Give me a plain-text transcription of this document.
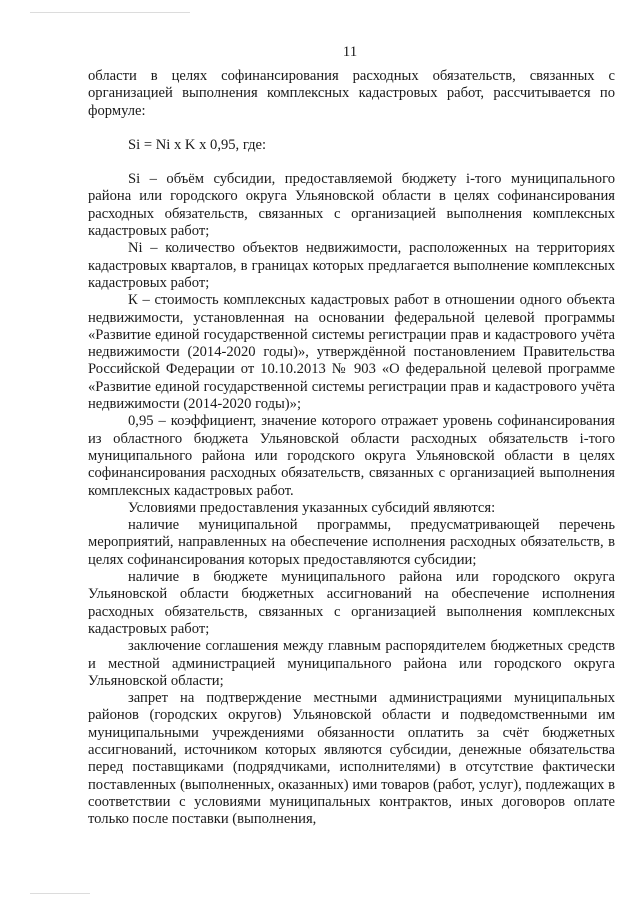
11

области в целях софинансирования расходных обязательств, связанных с организацией выполнения комплексных кадастровых работ, рассчитывается по формуле:

Si = Ni x K x 0,95, где:

Si – объём субсидии, предоставляемой бюджету i-того муниципального района или городского округа Ульяновской области в целях софинансирования расходных обязательств, связанных с организацией выполнения комплексных кадастровых работ;

Ni – количество объектов недвижимости, расположенных на территориях кадастровых кварталов, в границах которых предлагается выполнение комплексных кадастровых работ;

К – стоимость комплексных кадастровых работ в отношении одного объекта недвижимости, установленная на основании федеральной целевой программы «Развитие единой государственной системы регистрации прав и кадастрового учёта недвижимости (2014-2020 годы)», утверждённой постановлением Правительства Российской Федерации от 10.10.2013 № 903 «О федеральной целевой программе «Развитие единой государственной системы регистрации прав и кадастрового учёта недвижимости (2014-2020 годы)»;

0,95 – коэффициент, значение которого отражает уровень софинансирования из областного бюджета Ульяновской области расходных обязательств i-того муниципального района или городского округа Ульяновской области в целях софинансирования расходных обязательств, связанных с организацией выполнения комплексных кадастровых работ.

Условиями предоставления указанных субсидий являются:

наличие муниципальной программы, предусматривающей перечень мероприятий, направленных на обеспечение исполнения расходных обязательств, в целях софинансирования которых предоставляются субсидии;

наличие в бюджете муниципального района или городского округа Ульяновской области бюджетных ассигнований на обеспечение исполнения расходных обязательств, связанных с организацией выполнения комплексных кадастровых работ;

заключение соглашения между главным распорядителем бюджетных средств и местной администрацией муниципального района или городского округа Ульяновской области;

запрет на подтверждение местными администрациями муниципальных районов (городских округов) Ульяновской области и подведомственными им муниципальными учреждениями обязанности оплатить за счёт бюджетных ассигнований, источником которых являются субсидии, денежные обязательства перед поставщиками (подрядчиками, исполнителями) в отсутствие фактически поставленных (выполненных, оказанных) ими товаров (работ, услуг), подлежащих в соответствии с условиями муниципальных контрактов, иных договоров оплате только после поставки (выполнения,
